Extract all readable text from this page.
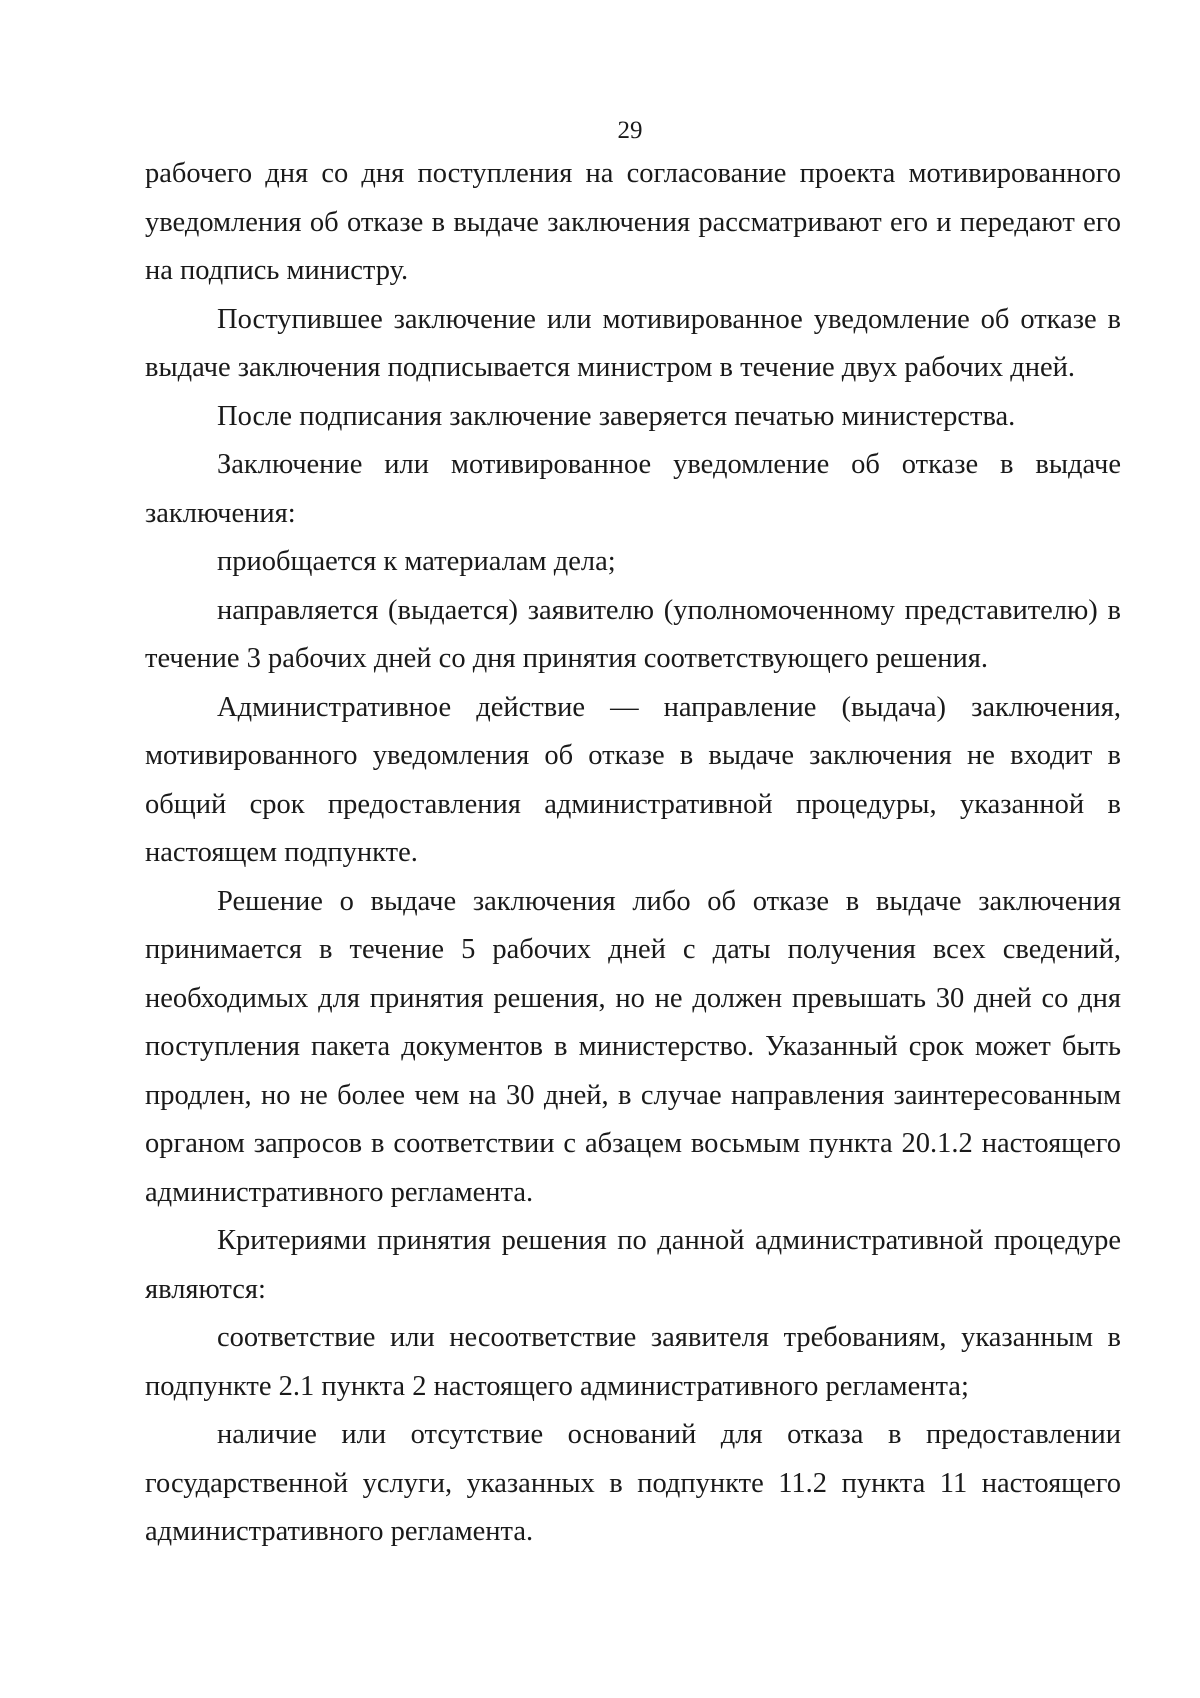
29

рабочего дня со дня поступления на согласование проекта мотивированного уведомления об отказе в выдаче заключения рассматривают его и передают его на подпись министру.

Поступившее заключение или мотивированное уведомление об отказе в выдаче заключения подписывается министром в течение двух рабочих дней.

После подписания заключение заверяется печатью министерства.

Заключение или мотивированное уведомление об отказе в выдаче заключения:

приобщается к материалам дела;

направляется (выдается) заявителю (уполномоченному представителю) в течение 3 рабочих дней со дня принятия соответствующего решения.

Административное действие — направление (выдача) заключения, мотивированного уведомления об отказе в выдаче заключения не входит в общий срок предоставления административной процедуры, указанной в настоящем подпункте.

Решение о выдаче заключения либо об отказе в выдаче заключения принимается в течение 5 рабочих дней с даты получения всех сведений, необходимых для принятия решения, но не должен превышать 30 дней со дня поступления пакета документов в министерство. Указанный срок может быть продлен, но не более чем на 30 дней, в случае направления заинтересованным органом запросов в соответствии с абзацем восьмым пункта 20.1.2 настоящего административного регламента.

Критериями принятия решения по данной административной процедуре являются:

соответствие или несоответствие заявителя требованиям, указанным в подпункте 2.1 пункта 2 настоящего административного регламента;

наличие или отсутствие оснований для отказа в предоставлении государственной услуги, указанных в подпункте 11.2 пункта 11 настоящего административного регламента.
